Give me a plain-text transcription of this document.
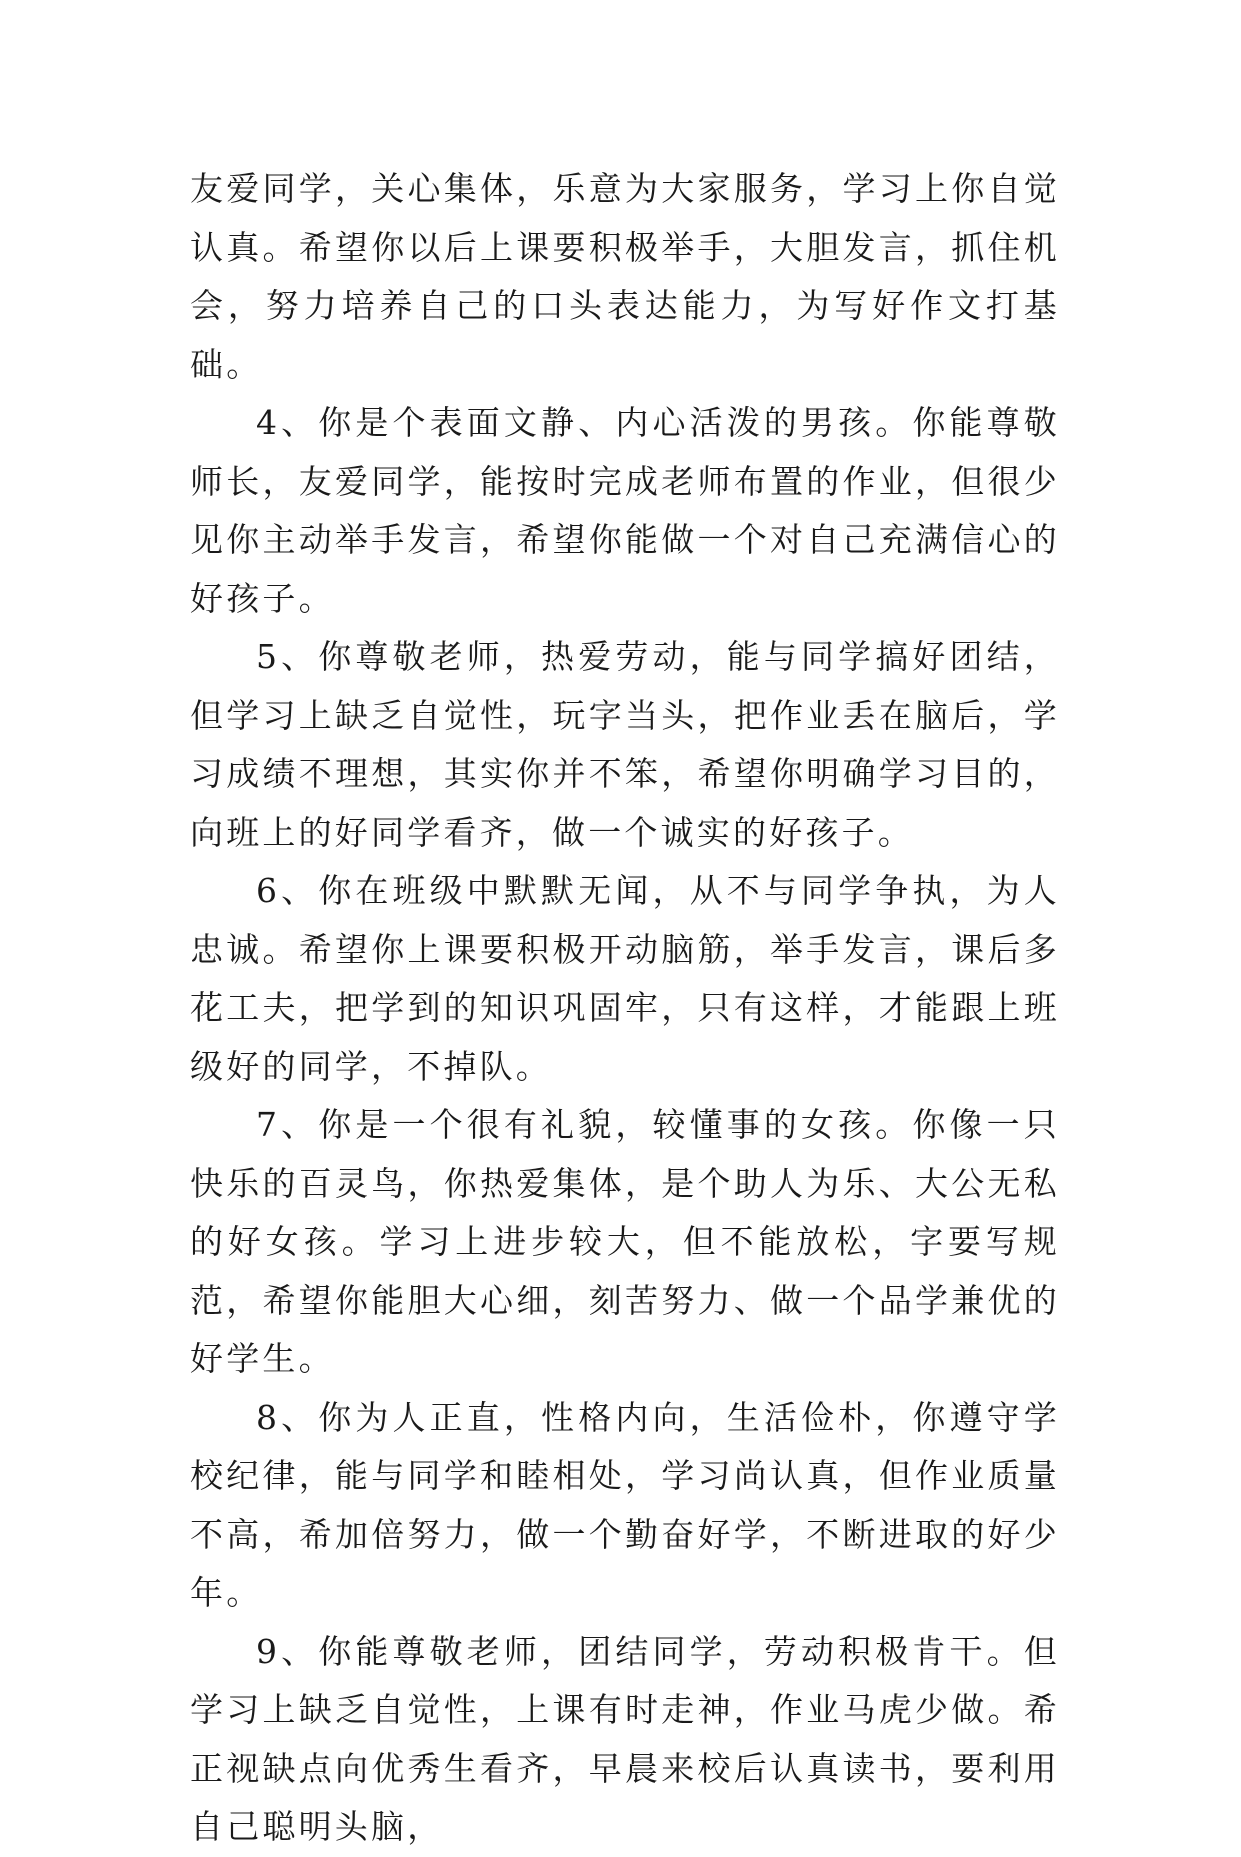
友爱同学，关心集体，乐意为大家服务，学习上你自觉认真。希望你以后上课要积极举手，大胆发言，抓住机会，努力培养自己的口头表达能力，为写好作文打基础。

4、你是个表面文静、内心活泼的男孩。你能尊敬师长，友爱同学，能按时完成老师布置的作业，但很少见你主动举手发言，希望你能做一个对自己充满信心的好孩子。

5、你尊敬老师，热爱劳动，能与同学搞好团结，但学习上缺乏自觉性，玩字当头，把作业丢在脑后，学习成绩不理想，其实你并不笨，希望你明确学习目的，向班上的好同学看齐，做一个诚实的好孩子。

6、你在班级中默默无闻，从不与同学争执，为人忠诚。希望你上课要积极开动脑筋，举手发言，课后多花工夫，把学到的知识巩固牢，只有这样，才能跟上班级好的同学，不掉队。

7、你是一个很有礼貌，较懂事的女孩。你像一只快乐的百灵鸟，你热爱集体，是个助人为乐、大公无私的好女孩。学习上进步较大，但不能放松，字要写规范，希望你能胆大心细，刻苦努力、做一个品学兼优的好学生。

8、你为人正直，性格内向，生活俭朴，你遵守学校纪律，能与同学和睦相处，学习尚认真，但作业质量不高，希加倍努力，做一个勤奋好学，不断进取的好少年。

9、你能尊敬老师，团结同学，劳动积极肯干。但学习上缺乏自觉性，上课有时走神，作业马虎少做。希正视缺点向优秀生看齐，早晨来校后认真读书，要利用自己聪明头脑，
